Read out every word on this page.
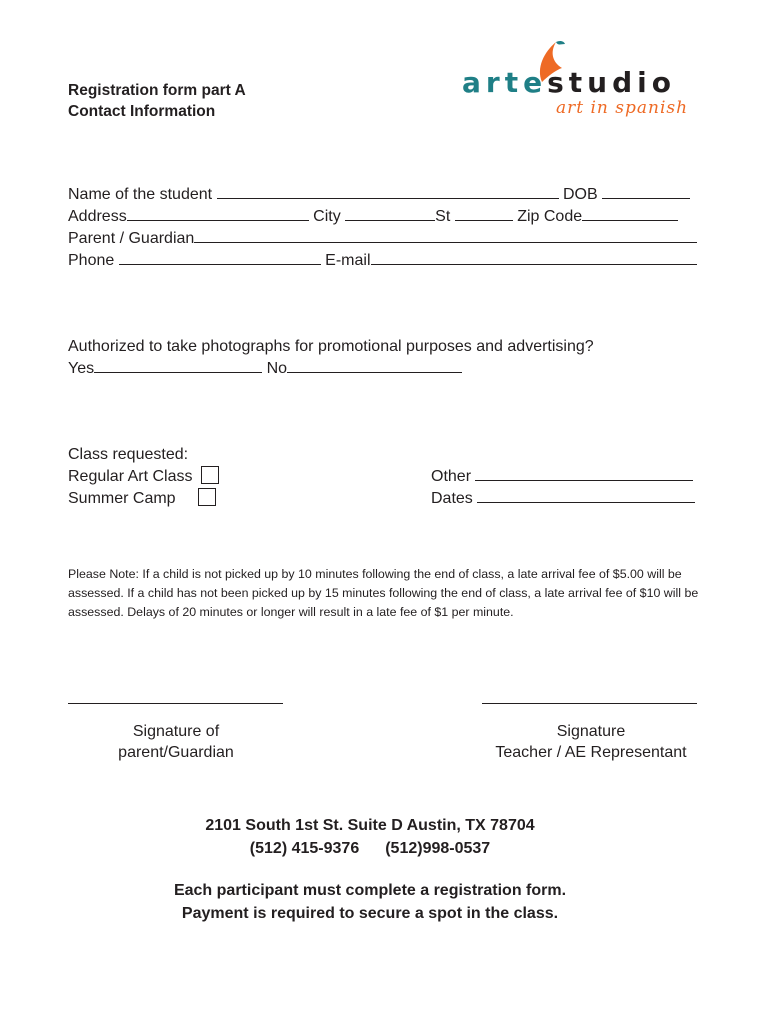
Registration form part A
Contact Information
artestudio
art in spanish
Name of the student	DOB
Address	City	St	Zip Code
Parent / Guardian
Phone	E-mail
Authorized to take photographs for promotional purposes and advertising?
Yes	No
Class requested:
Regular Art Class
Summer Camp
Other
Dates
Please Note: If a child is not picked up by 10 minutes following the end of class, a late arrival fee of $5.00 will be assessed. If a child has not been picked up by 15 minutes following the end of class, a late arrival fee of $10 will be assessed. Delays of 20 minutes or longer will result in a late fee of $1 per minute.
Signature of
parent/Guardian
Signature
Teacher / AE Representant
2101 South 1st St. Suite D Austin, TX 78704
(512) 415-9376 (512)998-0537
Each participant must complete a registration form.
Payment is required to secure a spot in the class.
